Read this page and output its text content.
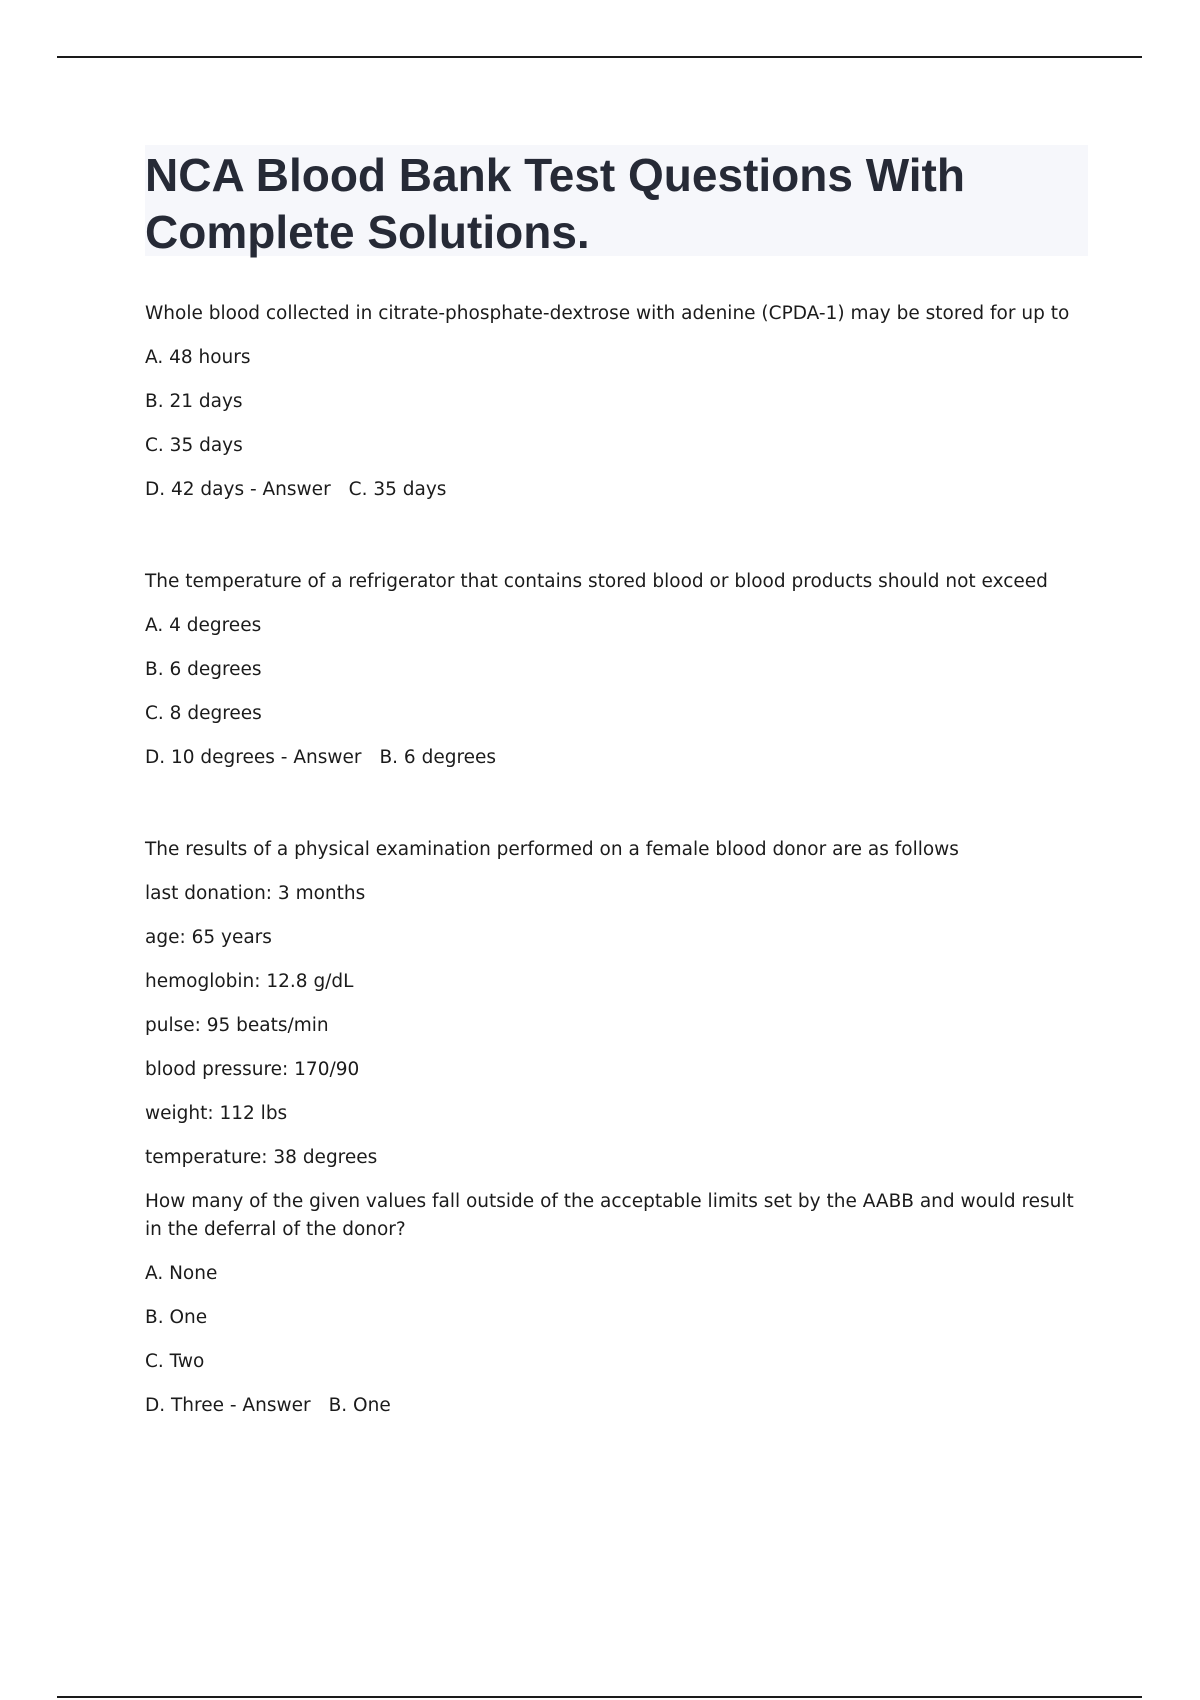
NCA Blood Bank Test Questions With
Complete Solutions.

Whole blood collected in citrate-phosphate-dextrose with adenine (CPDA-1) may be stored for up to

A. 48 hours

B. 21 days

C. 35 days

D. 42 days - Answer C. 35 days

The temperature of a refrigerator that contains stored blood or blood products should not exceed

A. 4 degrees

B. 6 degrees

C. 8 degrees

D. 10 degrees - Answer B. 6 degrees

The results of a physical examination performed on a female blood donor are as follows

last donation: 3 months

age: 65 years

hemoglobin: 12.8 g/dL

pulse: 95 beats/min

blood pressure: 170/90

weight: 112 lbs

temperature: 38 degrees

How many of the given values fall outside of the acceptable limits set by the AABB and would result in the deferral of the donor?

A. None

B. One

C. Two

D. Three - Answer B. One
